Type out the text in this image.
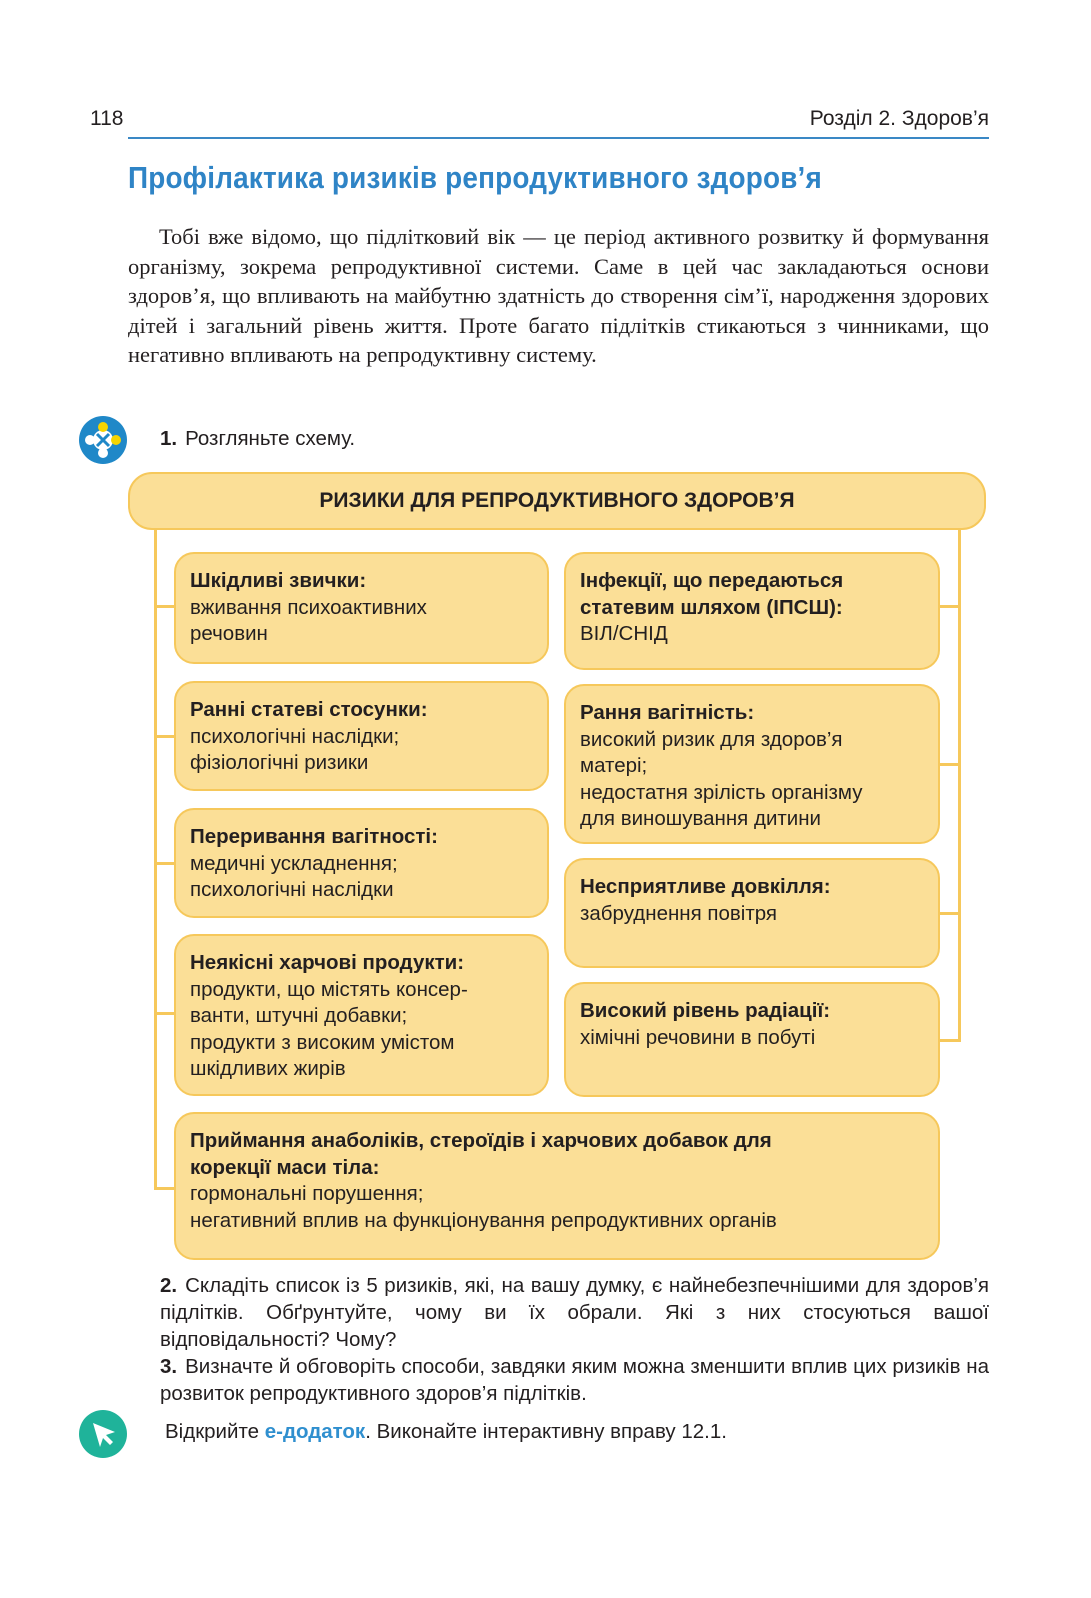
118	Розділ 2. Здоров’я
Профілактика ризиків репродуктивного здоров’я

Тобі вже відомо, що підлітковий вік — це період активного розвитку й формування організму, зокрема репродуктивної системи. Саме в цей час закладаються основи здоров’я, що впливають на майбутню здатність до створення сім’ї, народження здорових дітей і загальний рівень життя. Проте багато підлітків стикаються з чинниками, що негативно впливають на репродуктивну систему.

1. Розгляньте схему.
РИЗИКИ ДЛЯ РЕПРОДУКТИВНОГО ЗДОРОВ’Я
Шкідливі звички:
вживання психоактивних
речовин
Ранні статеві стосунки:
психологічні наслідки;
фізіологічні ризики
Переривання вагітності:
медичні ускладнення;
психологічні наслідки
Неякісні харчові продукти:
продукти, що містять консер-
ванти, штучні добавки;
продукти з високим умістом
шкідливих жирів
Інфекції, що передаються статевим шляхом (ІПСШ):
ВІЛ/СНІД
Рання вагітність:
високий ризик для здоров’я
матері;
недостатня зрілість організму
для виношування дитини
Несприятливе довкілля:
забруднення повітря
Високий рівень радіації:
хімічні речовини в побуті
Приймання анаболіків, стероїдів і харчових добавок для корекції маси тіла:
гормональні порушення;
негативний вплив на функціонування репродуктивних органів

2. Складіть список із 5 ризиків, які, на вашу думку, є найнебезпечнішими для здоров’я підлітків. Обґрунтуйте, чому ви їх обрали. Які з них стосуються вашої відповідальності? Чому?

3. Визначте й обговоріть способи, завдяки яким можна зменшити вплив цих ризиків на розвиток репродуктивного здоров’я підлітків.

Відкрийте е-додаток. Виконайте інтерактивну вправу 12.1.
